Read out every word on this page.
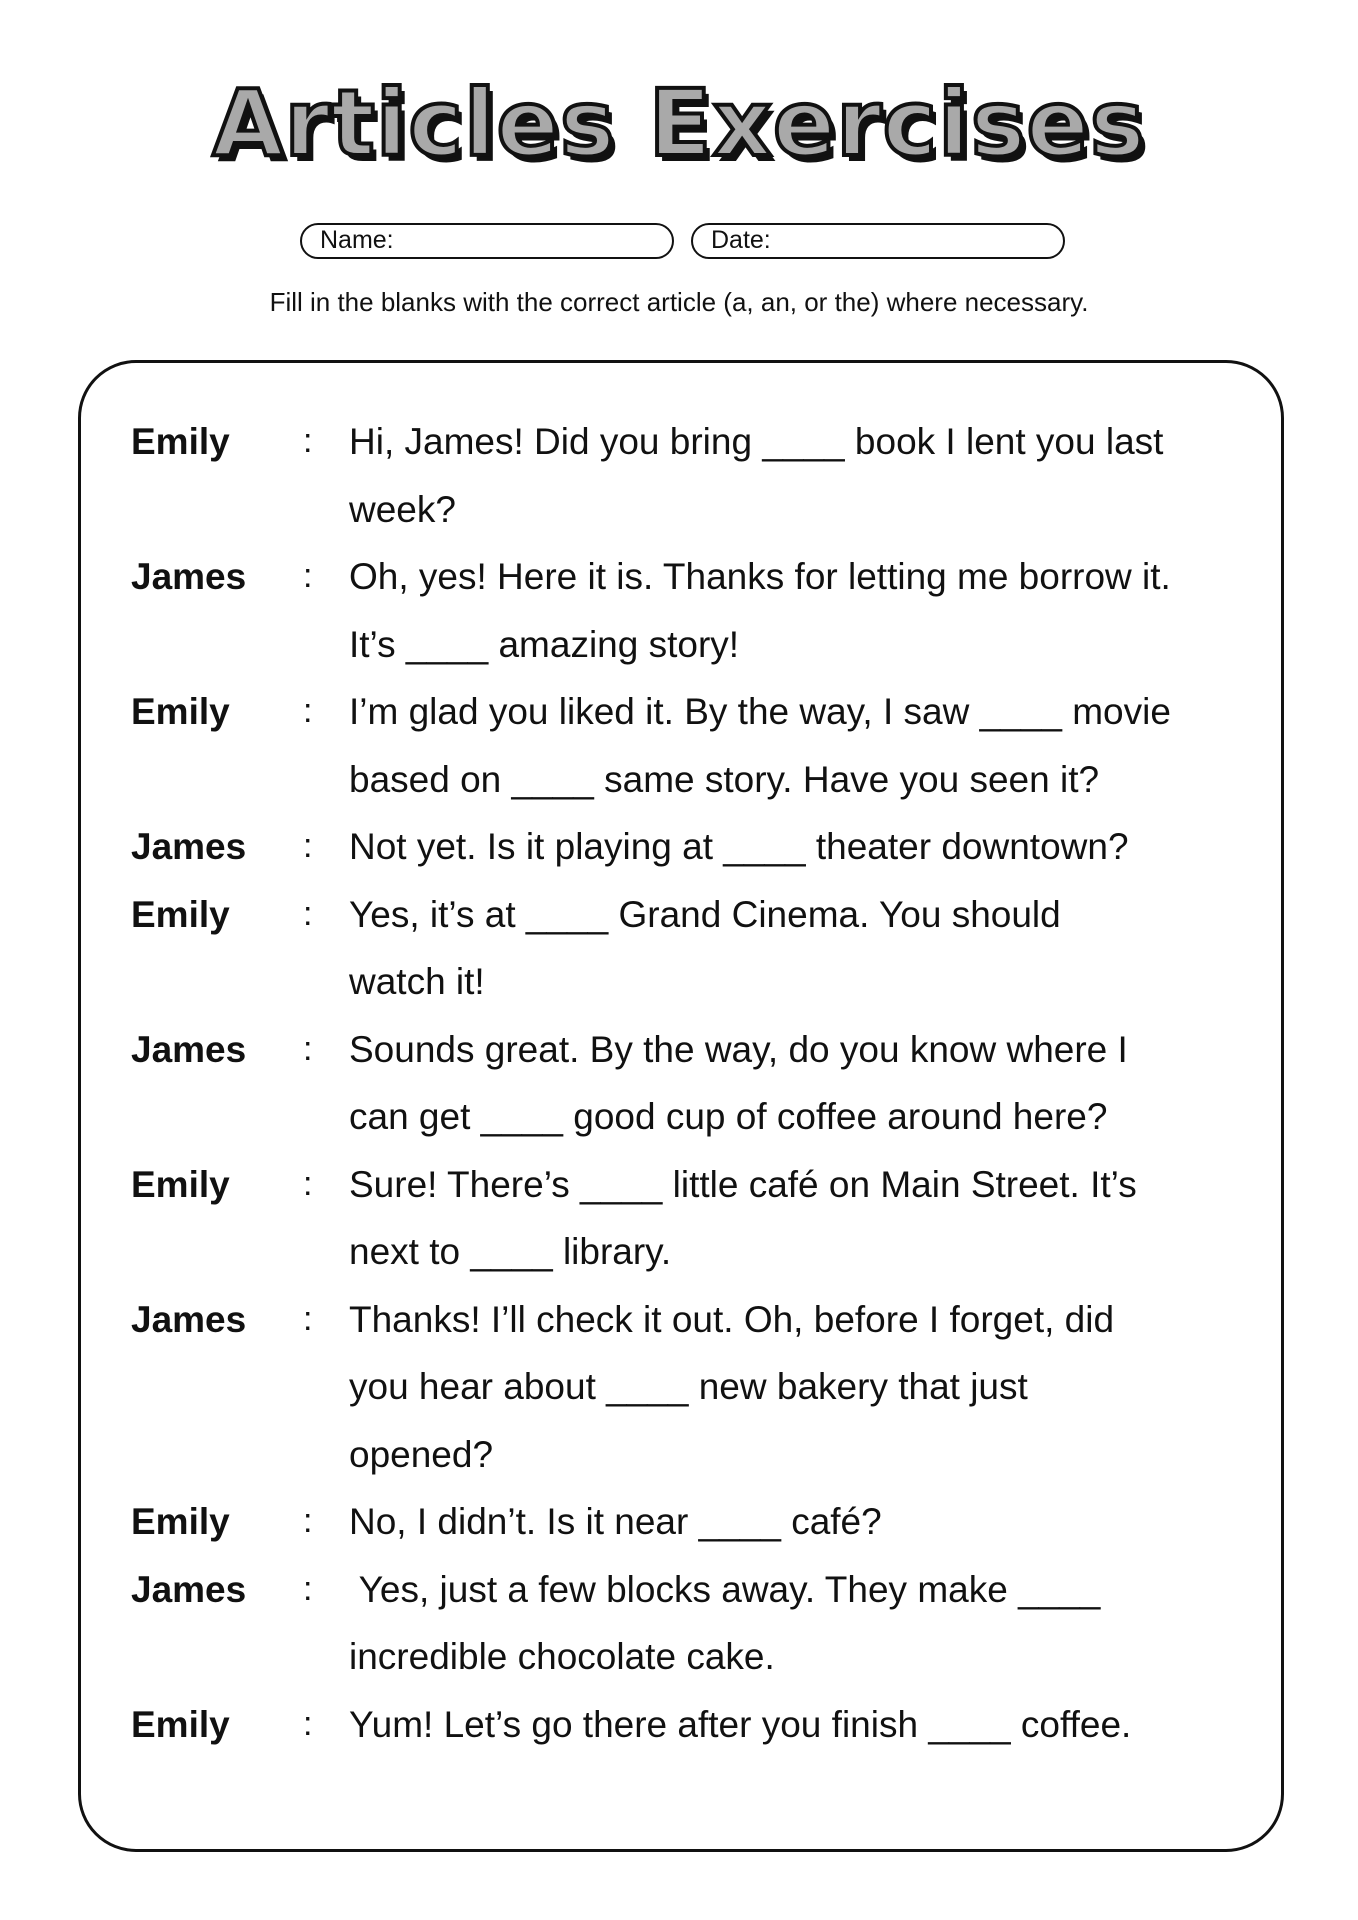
Articles Exercises
Name:	Date:
Fill in the blanks with the correct article (a, an, or the) where necessary.
Emily	: Hi, James! Did you bring ____ book I lent you last
week?
James	: Oh, yes! Here it is. Thanks for letting me borrow it.
It’s ____ amazing story!
Emily	: I’m glad you liked it. By the way, I saw ____ movie
based on ____ same story. Have you seen it?
James	: Not yet. Is it playing at ____ theater downtown?
Emily	: Yes, it’s at ____ Grand Cinema. You should
watch it!
James	: Sounds great. By the way, do you know where I
can get ____ good cup of coffee around here?
Emily	: Sure! There’s ____ little café on Main Street. It’s
next to ____ library.
James	: Thanks! I’ll check it out. Oh, before I forget, did
you hear about ____ new bakery that just
opened?
Emily	: No, I didn’t. Is it near ____ café?
James	: Yes, just a few blocks away. They make ____
incredible chocolate cake.
Emily	: Yum! Let’s go there after you finish ____ coffee.
